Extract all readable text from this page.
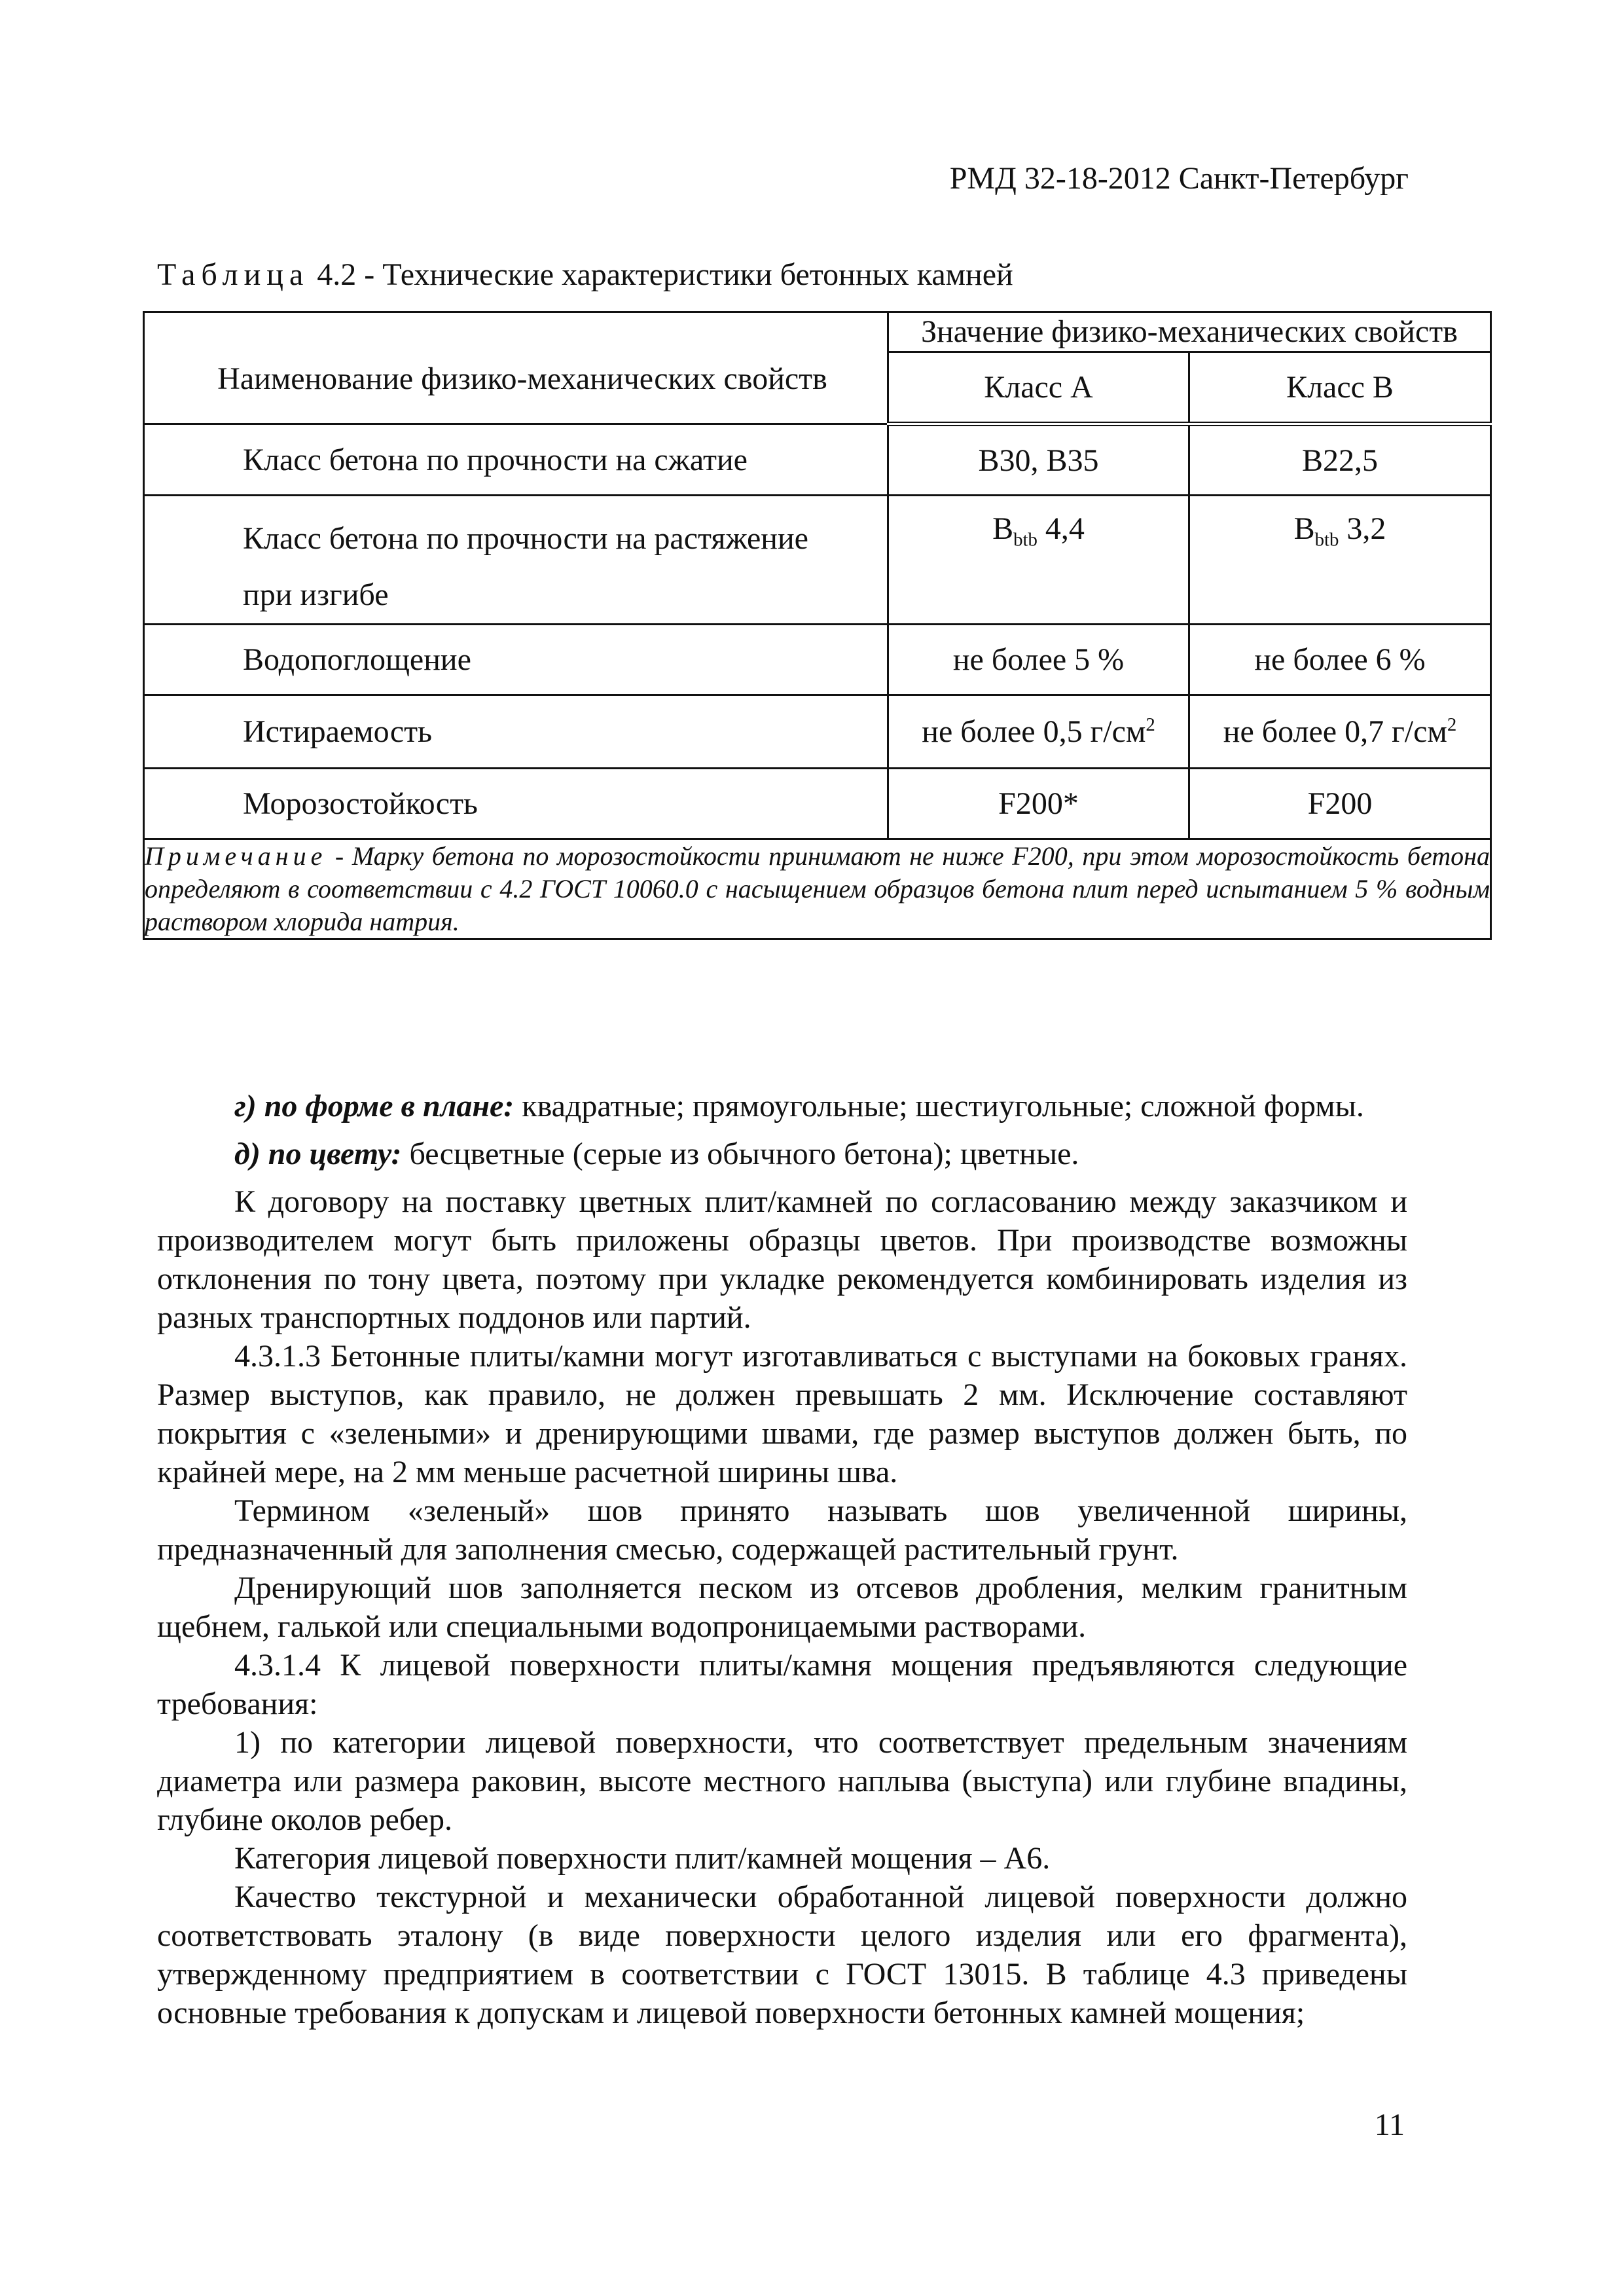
РМД 32-18-2012 Санкт-Петербург
Таблица 4.2 - Технические характеристики бетонных камней
Наименование физико-механических свойств	Значение физико-механических свойств	
	Класс А	Класс В
Класс бетона по прочности на сжатие	В30, В35	В22,5
Класс бетона по прочности на растяжение
при изгибе	$B_{btb}$ 4,4	$B_{btb}$ 3,2
Водопоглощение	не более 5 %	не более 6 %
Истираемость	не более 0,5 $г/см^2$	не более 0,7 $г/см^2$
Морозостойкость	F200*	F200
Примечание - Марку бетона по морозостойкости принимают не ниже F200, при этом морозостойкость бетона определяют в соответствии с 4.2 ГОСТ 10060.0 с насыщением образцов бетона плит перед испытанием 5 % водным раствором хлорида натрия.		

г) по форме в плане: квадратные; прямоугольные; шестиугольные; сложной формы.

д) по цвету: бесцветные (серые из обычного бетона); цветные.

К договору на поставку цветных плит/камней по согласованию между заказчиком и производителем могут быть приложены образцы цветов. При производстве возможны отклонения по тону цвета, поэтому при укладке рекомендуется комбинировать изделия из разных транспортных поддонов или партий.

4.3.1.3 Бетонные плиты/камни могут изготавливаться с выступами на боковых гранях. Размер выступов, как правило, не должен превышать 2 мм. Исключение составляют покрытия с «зелеными» и дренирующими швами, где размер выступов должен быть, по крайней мере, на 2 мм меньше расчетной ширины шва.

Термином «зеленый» шов принято называть шов увеличенной ширины, предназначенный для заполнения смесью, содержащей растительный грунт.

Дренирующий шов заполняется песком из отсевов дробления, мелким гранитным щебнем, галькой или специальными водопроницаемыми растворами.

4.3.1.4 К лицевой поверхности плиты/камня мощения предъявляются следующие требования:

1) по категории лицевой поверхности, что соответствует предельным значениям диаметра или размера раковин, высоте местного наплыва (выступа) или глубине впадины, глубине околов ребер.

Категория лицевой поверхности плит/камней мощения – А6.

Качество текстурной и механически обработанной лицевой поверхности должно соответствовать эталону (в виде поверхности целого изделия или его фрагмента), утвержденному предприятием в соответствии с ГОСТ 13015. В таблице 4.3 приведены основные требования к допускам и лицевой поверхности бетонных камней мощения;

11
